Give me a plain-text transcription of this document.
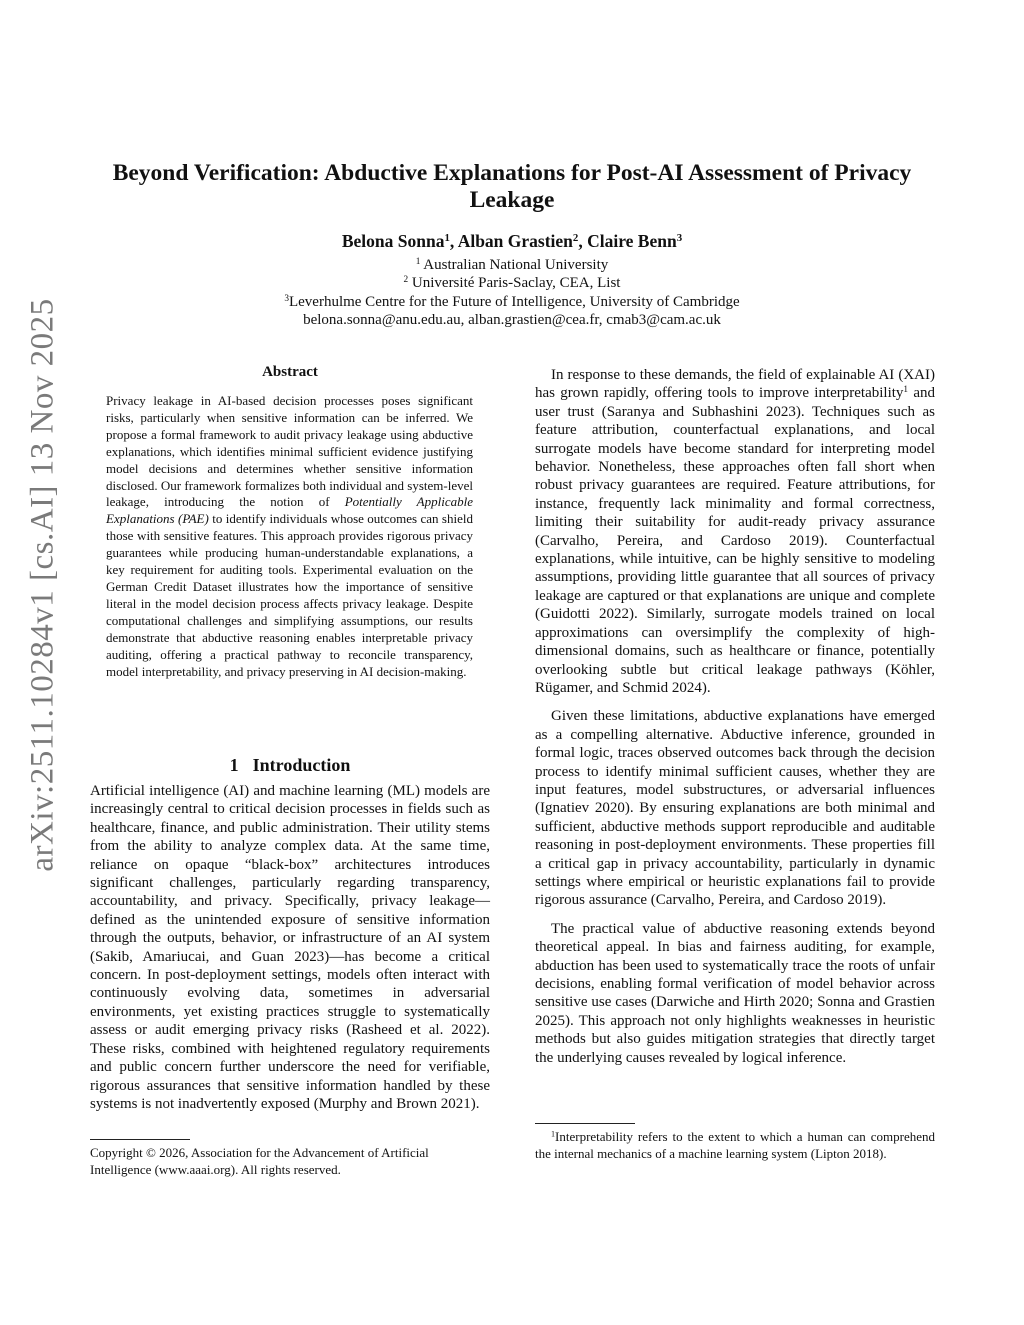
arXiv:2511.10284v1 [cs.AI] 13 Nov 2025
Beyond Verification: Abductive Explanations for Post-AI Assessment of Privacy Leakage
Belona Sonna$^1$, Alban Grastien$^2$, Claire Benn$^3$
$^1$ Australian National University
$^2$ Université Paris-Saclay, CEA, List
$^3$Leverhulme Centre for the Future of Intelligence, University of Cambridge
belona.sonna@anu.edu.au, alban.grastien@cea.fr, cmab3@cam.ac.uk
Abstract
Privacy leakage in AI-based decision processes poses significant risks, particularly when sensitive information can be inferred. We propose a formal framework to audit privacy leakage using abductive explanations, which identifies minimal sufficient evidence justifying model decisions and determines whether sensitive information disclosed. Our framework formalizes both individual and system-level leakage, introducing the notion of Potentially Applicable Explanations (PAE) to identify individuals whose outcomes can shield those with sensitive features. This approach provides rigorous privacy guarantees while producing human-understandable explanations, a key requirement for auditing tools. Experimental evaluation on the German Credit Dataset illustrates how the importance of sensitive literal in the model decision process affects privacy leakage. Despite computational challenges and simplifying assumptions, our results demonstrate that abductive reasoning enables interpretable privacy auditing, offering a practical pathway to reconcile transparency, model interpretability, and privacy preserving in AI decision-making.
1 Introduction

Artificial intelligence (AI) and machine learning (ML) models are increasingly central to critical decision processes in fields such as healthcare, finance, and public administration. Their utility stems from the ability to analyze complex data. At the same time, reliance on opaque “black-box” architectures introduces significant challenges, particularly regarding transparency, accountability, and privacy. Specifically, privacy leakage—defined as the unintended exposure of sensitive information through the outputs, behavior, or infrastructure of an AI system (Sakib, Amariucai, and Guan 2023)—has become a critical concern. In post-deployment settings, models often interact with continuously evolving data, sometimes in adversarial environments, yet existing practices struggle to systematically assess or audit emerging privacy risks (Rasheed et al. 2022). These risks, combined with heightened regulatory requirements and public concern further underscore the need for verifiable, rigorous assurances that sensitive information handled by these systems is not inadvertently exposed (Murphy and Brown 2021).

In response to these demands, the field of explainable AI (XAI) has grown rapidly, offering tools to improve interpretability$^1$ and user trust (Saranya and Subhashini 2023). Techniques such as feature attribution, counterfactual explanations, and local surrogate models have become standard for interpreting model behavior. Nonetheless, these approaches often fall short when robust privacy guarantees are required. Feature attributions, for instance, frequently lack minimality and formal correctness, limiting their suitability for audit-ready privacy assurance (Carvalho, Pereira, and Cardoso 2019). Counterfactual explanations, while intuitive, can be highly sensitive to modeling assumptions, providing little guarantee that all sources of privacy leakage are captured or that explanations are unique and complete (Guidotti 2022). Similarly, surrogate models trained on local approximations can oversimplify the complexity of high-dimensional domains, such as healthcare or finance, potentially overlooking subtle but critical leakage pathways (Köhler, Rügamer, and Schmid 2024).

Given these limitations, abductive explanations have emerged as a compelling alternative. Abductive inference, grounded in formal logic, traces observed outcomes back through the decision process to identify minimal sufficient causes, whether they are input features, model substructures, or adversarial influences (Ignatiev 2020). By ensuring explanations are both minimal and sufficient, abductive methods support reproducible and auditable reasoning in post-deployment environments. These properties fill a critical gap in privacy accountability, particularly in dynamic settings where empirical or heuristic explanations fail to provide rigorous assurance (Carvalho, Pereira, and Cardoso 2019).

The practical value of abductive reasoning extends beyond theoretical appeal. In bias and fairness auditing, for example, abduction has been used to systematically trace the roots of unfair decisions, enabling formal verification of model behavior across sensitive use cases (Darwiche and Hirth 2020; Sonna and Grastien 2025). This approach not only highlights weaknesses in heuristic methods but also guides mitigation strategies that directly target the underlying causes revealed by logical inference.

Copyright © 2026, Association for the Advancement of Artificial Intelligence (www.aaai.org). All rights reserved.
$^1$Interpretability refers to the extent to which a human can comprehend the internal mechanics of a machine learning system (Lipton 2018).
